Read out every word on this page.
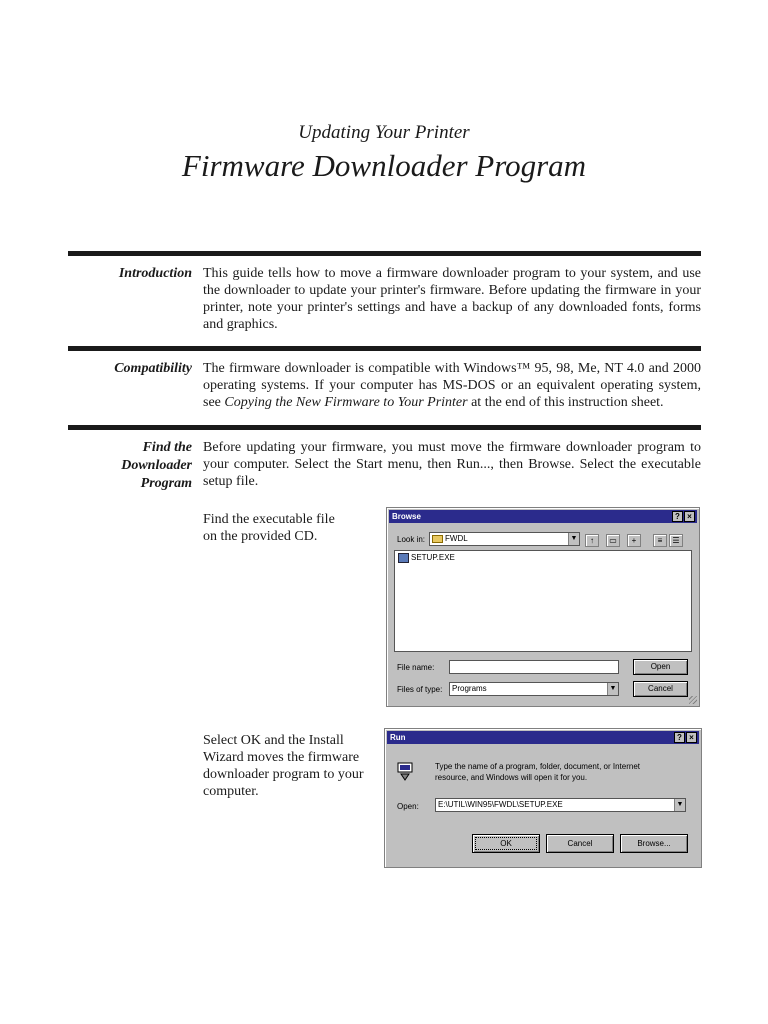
Updating Your Printer
Firmware Downloader Program
Introduction This guide tells how to move a firmware downloader program to your system, and use the downloader to update your printer's firmware. Before updating the firmware in your printer, note your printer's settings and have a backup of any downloaded fonts, forms and graphics.
Compatibility The firmware downloader is compatible with Windows™ 95, 98, Me, NT 4.0 and 2000 operating systems. If your computer has MS-DOS or an equivalent operating system, see Copying the New Firmware to Your Printer at the end of this instruction sheet.
Find the
Downloader
Program
Before updating your firmware, you must move the firmware downloader program to your computer. Select the Start menu, then Run..., then Browse. Select the executable setup file.
Find the executable file
on the provided CD.
Browse	? ×
Look in:	FWDL	▼	↑	▭	+	≡	☰
SETUP.EXE
File name:
Files of type:	Programs	▼
Open
Cancel
Select OK and the Install
Wizard moves the firmware
downloader program to your
computer.
Run	? ×
Type the name of a program, folder, document, or Internet
resource, and Windows will open it for you.
Open:	E:\UTIL\WIN95\FWDL\SETUP.EXE	▼
OK	Cancel	Browse...
